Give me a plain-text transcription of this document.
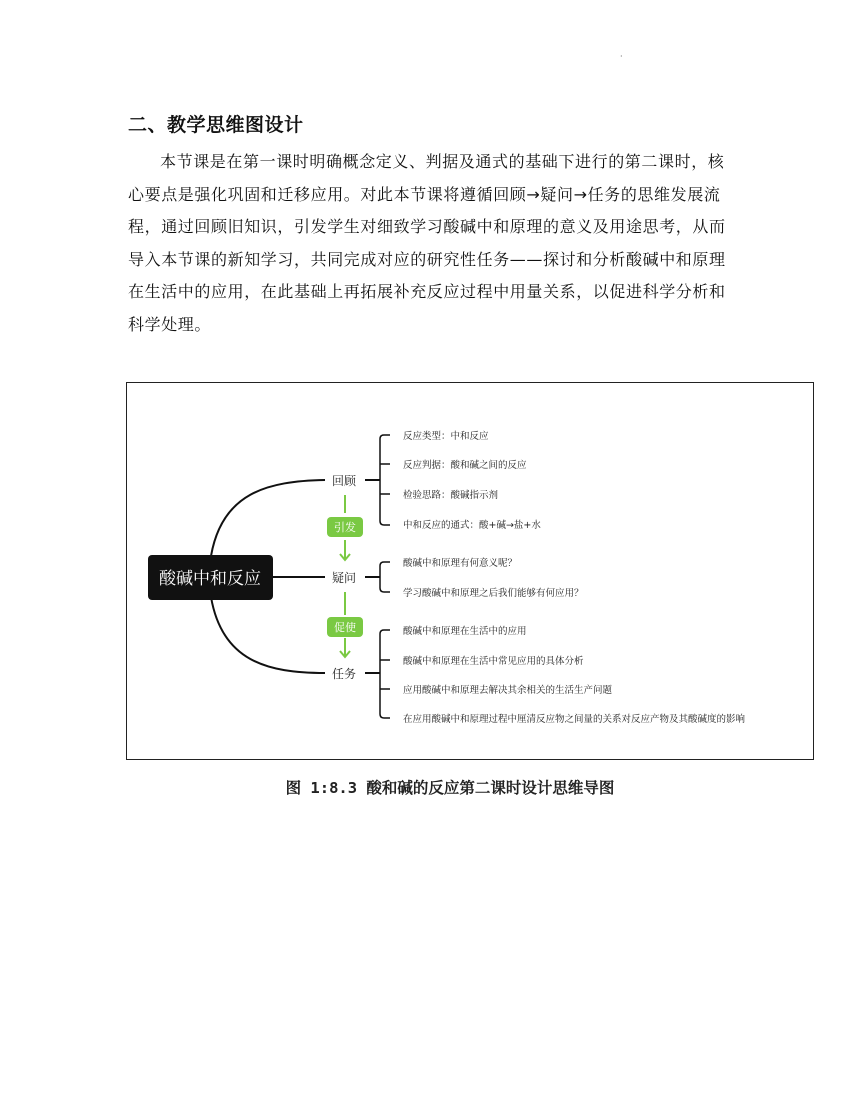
·
二、教学思维图设计
本节课是在第一课时明确概念定义、判据及通式的基础下进行的第二课时，核
心要点是强化巩固和迁移应用。对此本节课将遵循回顾→疑问→任务的思维发展流
程，通过回顾旧知识，引发学生对细致学习酸碱中和原理的意义及用途思考，从而
导入本节课的新知学习，共同完成对应的研究性任务——探讨和分析酸碱中和原理
在生活中的应用，在此基础上再拓展补充反应过程中用量关系，以促进科学分析和
科学处理。
酸碱中和反应
回顾
疑问
任务
引发
促使
反应类型：中和反应
反应判据：酸和碱之间的反应
检验思路：酸碱指示剂
中和反应的通式：酸+碱→盐+水
酸碱中和原理有何意义呢？
学习酸碱中和原理之后我们能够有何应用？
酸碱中和原理在生活中的应用
酸碱中和原理在生活中常见应用的具体分析
应用酸碱中和原理去解决其余相关的生活生产问题
在应用酸碱中和原理过程中厘清反应物之间量的关系对反应产物及其酸碱度的影响
图 1:8.3 酸和碱的反应第二课时设计思维导图
